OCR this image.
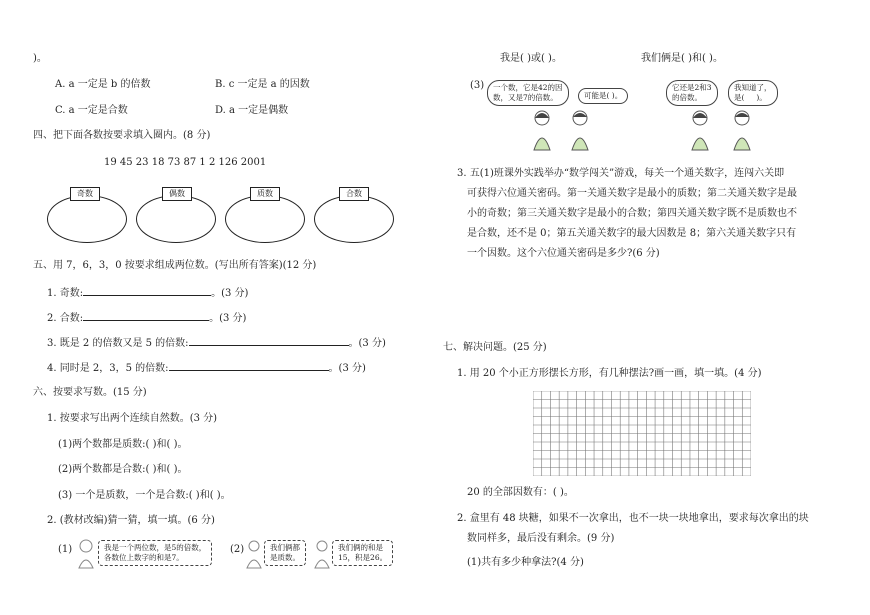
)。
A. a 一定是 b 的倍数	B. c 一定是 a 的因数
C. a 一定是合数	D. a 一定是偶数
四、把下面各数按要求填入圈内。(8 分)
19 45 23 18 73 87 1 2 126 2001
奇数	偶数	质数	合数
五、用 7，6，3，0 按要求组成两位数。(写出所有答案)(12 分)
1. 奇数:	。(3 分)
2. 合数:	。(3 分)
3. 既是 2 的倍数又是 5 的倍数:	。(3 分)
4. 同时是 2，3，5 的倍数:	。(3 分)
六、按要求写数。(15 分)
1. 按要求写出两个连续自然数。(3 分)
(1)两个数都是质数:( )和( )。
(2)两个数都是合数:( )和( )。
(3) 一个是质数，一个是合数:( )和( )。
2. (教材改编)猜一猜，填一填。(6 分)
(1)	我是一个两位数，是5的倍数，
各数位上数字的和是7。
(2)	我们俩都
是质数。
我们俩的和是
15，积是26。
我是( )或( )。	我们俩是( )和( )。
(3)	一个数，它是42的因
数，又是7的倍数。	可能是( )。
它还是2和3
的倍数。
我知道了，
是(     )。
3. 五(1)班课外实践举办“数学闯关”游戏，每关一个通关数字，连闯六关即
可获得六位通关密码。第一关通关数字是最小的质数；第二关通关数字是最
小的奇数；第三关通关数字是最小的合数；第四关通关数字既不是质数也不
是合数，还不是 0；第五关通关数字的最大因数是 8；第六关通关数字只有
一个因数。这个六位通关密码是多少?(6 分)
七、解决问题。(25 分)
1. 用 20 个小正方形摆长方形，有几种摆法?画一画，填一填。(4 分)
20 的全部因数有：( )。
2. 盒里有 48 块糖，如果不一次拿出，也不一块一块地拿出，要求每次拿出的块
数同样多，最后没有剩余。(9 分)
(1)共有多少种拿法?(4 分)
